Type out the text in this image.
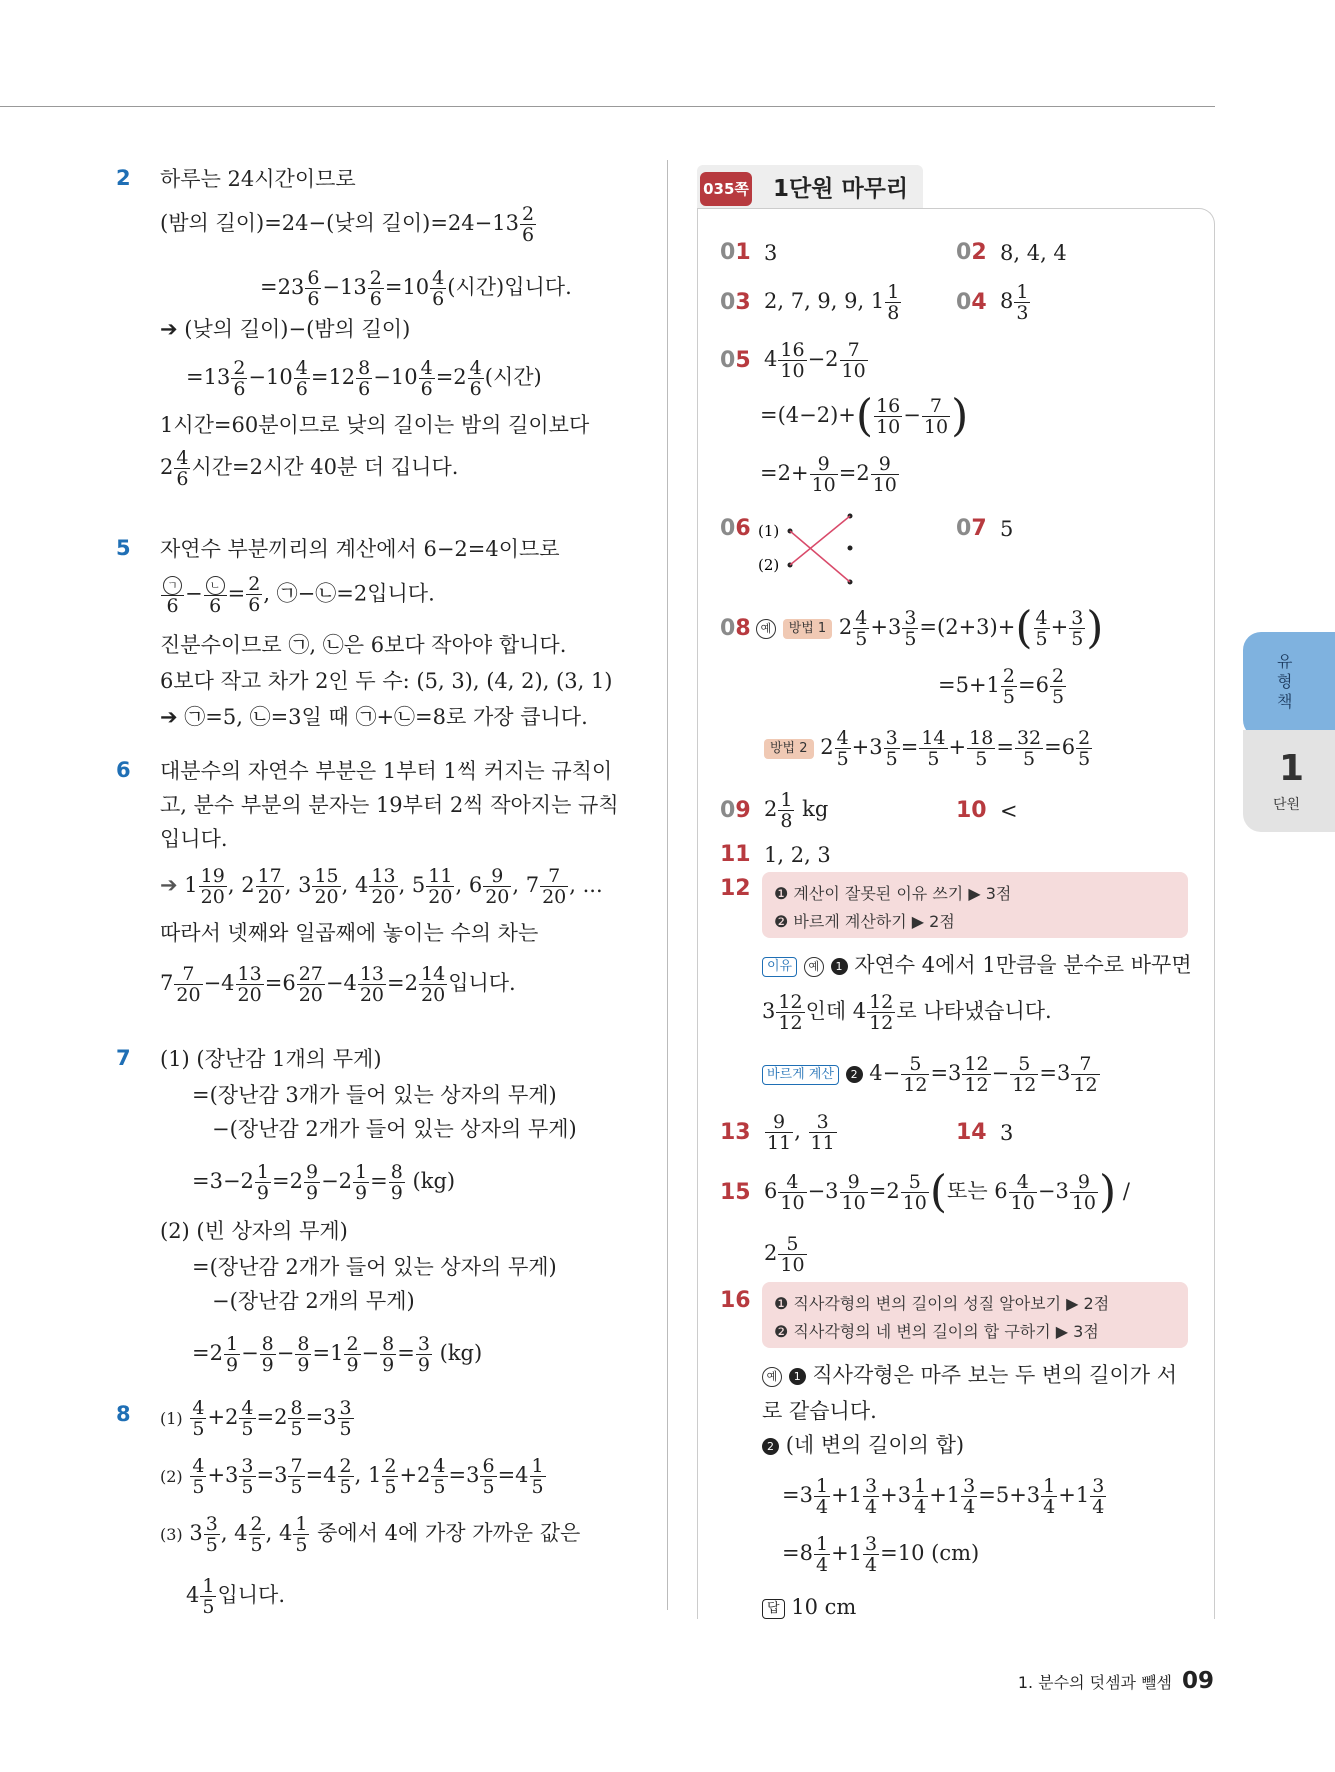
2 하루는 24시간이므로
(밤의 길이)=24−(낮의 길이)$=24-13 \frac{2}{6}$
$=23 \frac{6}{6} -13 \frac{2}{6} =10 \frac{4}{6}$ (시간)입니다.
➔ (낮의 길이)−(밤의 길이)
$=13 \frac{2}{6} -10 \frac{4}{6} =12 \frac{8}{6} -10 \frac{4}{6} =2 \frac{4}{6}$ (시간)
1시간=60분이므로 낮의 길이는 밤의 길이보다
$2 \frac{4}{6}$ 시간=2시간 40분 더 깁니다.
5 자연수 부분끼리의 계산에서 6−2=4이므로
ㄱ
6
− ㄴ
6
= $\frac{2}{6}$ , ㉠−㉡=2입니다.
진분수이므로 ㉠, ㉡은 6보다 작아야 합니다.
6보다 작고 차가 2인 두 수: (5, 3), (4, 2), (3, 1)
➔ ㉠=5, ㉡=3일 때 ㉠+㉡=8로 가장 큽니다.
6 대분수의 자연수 부분은 1부터 1씩 커지는 규칙이
고, 분수 부분의 분자는 19부터 2씩 작아지는 규칙
입니다.
➔ $1 \frac{19}{20}$ , $2 \frac{17}{20}$ , $3 \frac{15}{20}$ , $4 \frac{13}{20}$ , $5 \frac{11}{20}$ , $6 \frac{9}{20}$ , $7 \frac{7}{20}$ , ...
따라서 넷째와 일곱째에 놓이는 수의 차는
$7 \frac{7}{20} -4 \frac{13}{20} =6 \frac{27}{20} -4 \frac{13}{20} =2 \frac{14}{20}$ 입니다.
7 (1) (장난감 1개의 무게)
=(장난감 3개가 들어 있는 상자의 무게)
−(장난감 2개가 들어 있는 상자의 무게)
$=3-2 \frac{1}{9} =2 \frac{9}{9} -2 \frac{1}{9} = \frac{8}{9} (kg)$
(2) (빈 상자의 무게)
=(장난감 2개가 들어 있는 상자의 무게)
−(장난감 2개의 무게)
$=2 \frac{1}{9} - \frac{8}{9} - \frac{8}{9} =1 \frac{2}{9} - \frac{8}{9} = \frac{3}{9} (kg)$
8 $(1) \frac{4}{5} +2 \frac{4}{5} =2 \frac{8}{5} =3 \frac{3}{5}$
$(2) \frac{4}{5} +3 \frac{3}{5} =3 \frac{7}{5} =4 \frac{2}{5}$ , $1 \frac{2}{5} +2 \frac{4}{5} =3 \frac{6}{5} =4 \frac{1}{5}$
(3) $3 \frac{3}{5}$ , $4 \frac{2}{5}$ , $4 \frac{1}{5}$ 중에서 4에 가장 가까운 값은
$4 \frac{1}{5}$ 입니다.
035쪽 1단원 마무리
01 3	02 8, 4, 4
03 2, 7, 9, 9, $1 \frac{1}{8} 04$ $8 \frac{1}{3}$
05 $4 \frac{16}{10} -2 \frac{7}{10}$
$=(4-2)+( \frac{16}{10} - \frac{7}{10}$ )
$=2+ \frac{9}{10} =2 \frac{9}{10}$
06 (1)
(2)
07 5
08 예 방법 1 $2 \frac{4}{5} +3 \frac{3}{5} =(2+3)+( \frac{4}{5} + \frac{3}{5}$ )
$=5+1 \frac{2}{5} =6 \frac{2}{5}$
방법 2 $2 \frac{4}{5} +3 \frac{3}{5} = \frac{14}{5} + \frac{18}{5} = \frac{32}{5} =6 \frac{2}{5}$
09 $2 \frac{1}{8}$ kg	10 <
11 1, 2, 3
12 ❶ 계산이 잘못된 이유 쓰기 ▶ 3점
❷ 바르게 계산하기 ▶ 2점
이유 예 1 자연수 4에서 1만큼을 분수로 바꾸면
$3 \frac{12}{12}$ 인데 $4 \frac{12}{12}$ 로 나타냈습니다.
바르게 계산 2 $4- \frac{5}{12} =3 \frac{12}{12} - \frac{5}{12} =3 \frac{7}{12}$
$13 \frac{9}{11}$ , $\frac{3}{11}$	14 3
15 $6 \frac{4}{10} -3 \frac{9}{10} =2 \frac{5}{10}$ (또는 $6 \frac{4}{10} -3 \frac{9}{10}$ ) /
$2 \frac{5}{10}$
16 ❶ 직사각형의 변의 길이의 성질 알아보기 ▶ 2점
❷ 직사각형의 네 변의 길이의 합 구하기 ▶ 3점
예 1 직사각형은 마주 보는 두 변의 길이가 서
로 같습니다.
2 (네 변의 길이의 합)
$=3 \frac{1}{4} +1 \frac{3}{4} +3 \frac{1}{4} +1 \frac{3}{4} =5+3 \frac{1}{4} +1 \frac{3}{4}$
$=8 \frac{1}{4} +1 \frac{3}{4} =10$ (cm)
답 10 cm
유형책
1
단원
1. 분수의 덧셈과 뺄셈 09
